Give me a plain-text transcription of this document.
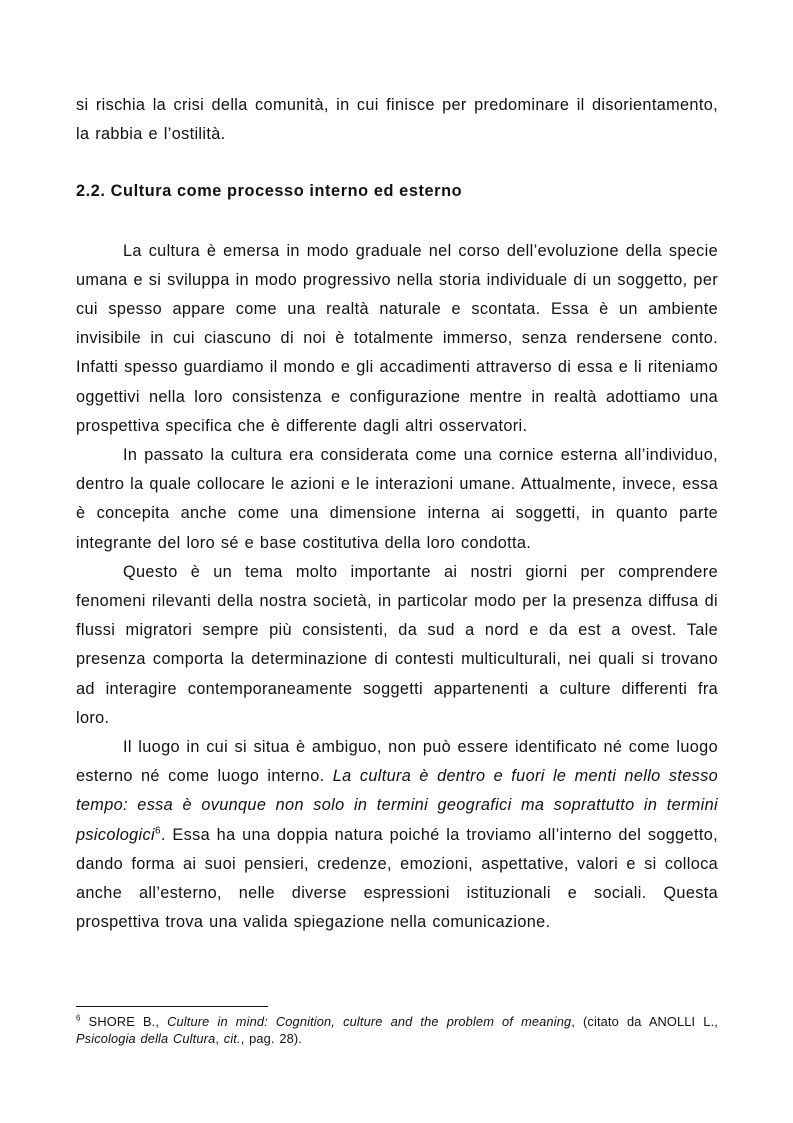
si rischia la crisi della comunità, in cui finisce per predominare il disorientamento, la rabbia e l’ostilità.

2.2. Cultura come processo interno ed esterno

La cultura è emersa in modo graduale nel corso dell’evoluzione della specie umana e si sviluppa in modo progressivo nella storia individuale di un soggetto, per cui spesso appare come una realtà naturale e scontata. Essa è un ambiente invisibile in cui ciascuno di noi è totalmente immerso, senza rendersene conto. Infatti spesso guardiamo il mondo e gli accadimenti attraverso di essa e li riteniamo oggettivi nella loro consistenza e configurazione mentre in realtà adottiamo una prospettiva specifica che è differente dagli altri osservatori.

In passato la cultura era considerata come una cornice esterna all’individuo, dentro la quale collocare le azioni e le interazioni umane. Attualmente, invece, essa è concepita anche come una dimensione interna ai soggetti, in quanto parte integrante del loro sé e base costitutiva della loro condotta.

Questo è un tema molto importante ai nostri giorni per comprendere fenomeni rilevanti della nostra società, in particolar modo per la presenza diffusa di flussi migratori sempre più consistenti, da sud a nord e da est a ovest. Tale presenza comporta la determinazione di contesti multiculturali, nei quali si trovano ad interagire contemporaneamente soggetti appartenenti a culture differenti fra loro.

Il luogo in cui si situa è ambiguo, non può essere identificato né come luogo esterno né come luogo interno. La cultura è dentro e fuori le menti nello stesso tempo: essa è ovunque non solo in termini geografici ma soprattutto in termini psicologici$^6$. Essa ha una doppia natura poiché la troviamo all’interno del soggetto, dando forma ai suoi pensieri, credenze, emozioni, aspettative, valori e si colloca anche all’esterno, nelle diverse espressioni istituzionali e sociali. Questa prospettiva trova una valida spiegazione nella comunicazione.

$^6$ SHORE B., Culture in mind: Cognition, culture and the problem of meaning, (citato da ANOLLI L., Psicologia della Cultura, cit., pag. 28).
